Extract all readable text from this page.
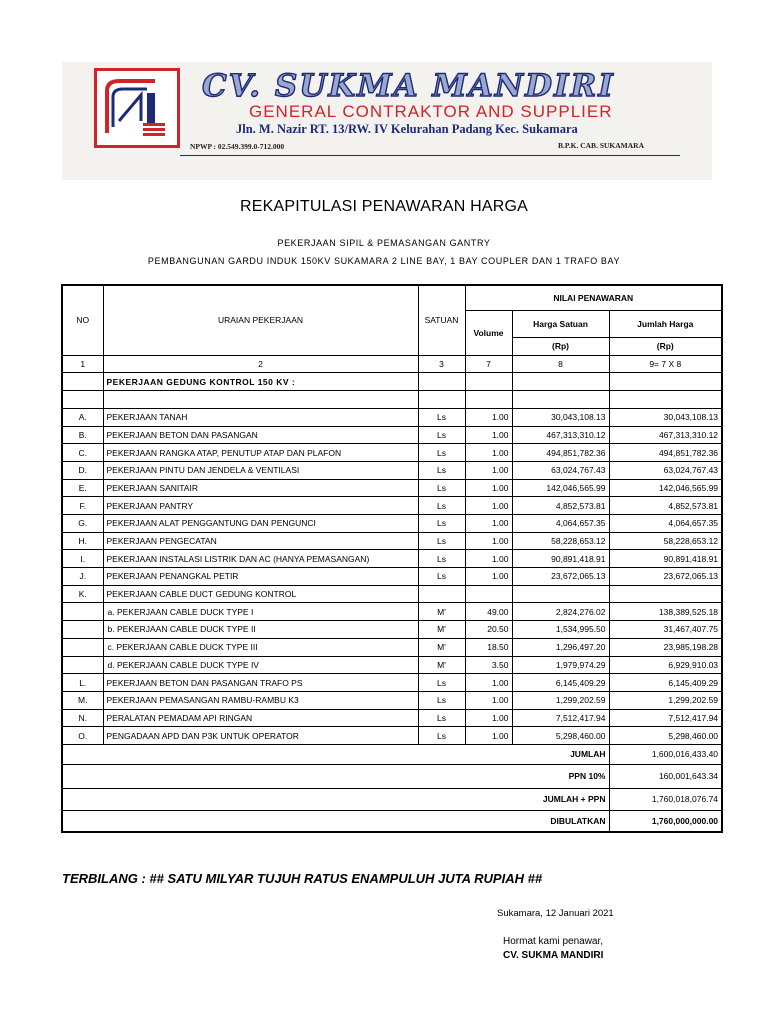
CV. SUKMA MANDIRI
GENERAL CONTRAKTOR AND SUPPLIER
Jln. M. Nazir RT. 13/RW. IV Kelurahan Padang Kec. Sukamara
NPWP : 02.549.399.0-712.000	B.P.K. CAB. SUKAMARA
REKAPITULASI PENAWARAN HARGA
PEKERJAAN SIPIL & PEMASANGAN GANTRY
PEMBANGUNAN GARDU INDUK 150KV SUKAMARA 2 LINE BAY, 1 BAY COUPLER DAN 1 TRAFO BAY
NO	URAIAN PEKERJAAN	SATUAN	NILAI PENAWARAN		
			Volume	Harga Satuan	Jumlah Harga
				(Rp)	(Rp)
1	2	3	7	8	9= 7 X 8
	PEKERJAAN GEDUNG KONTROL 150 KV :				

A.	PEKERJAAN TANAH	Ls	1.00	30,043,108.13	30,043,108.13
B.	PEKERJAAN BETON DAN PASANGAN	Ls	1.00	467,313,310.12	467,313,310.12
C.	PEKERJAAN RANGKA ATAP, PENUTUP ATAP DAN PLAFON	Ls	1.00	494,851,782.36	494,851,782.36
D.	PEKERJAAN PINTU DAN JENDELA & VENTILASI	Ls	1.00	63,024,767.43	63,024,767.43
E.	PEKERJAAN SANITAIR	Ls	1.00	142,046,565.99	142,046,565.99
F.	PEKERJAAN PANTRY	Ls	1.00	4,852,573.81	4,852,573.81
G.	PEKERJAAN ALAT PENGGANTUNG DAN PENGUNCI	Ls	1.00	4,064,657.35	4,064,657.35
H.	PEKERJAAN PENGECATAN	Ls	1.00	58,228,653.12	58,228,653.12
I.	PEKERJAAN INSTALASI LISTRIK DAN AC (HANYA PEMASANGAN)	Ls	1.00	90,891,418.91	90,891,418.91
J.	PEKERJAAN PENANGKAL PETIR	Ls	1.00	23,672,065.13	23,672,065.13
K.	PEKERJAAN CABLE DUCT GEDUNG KONTROL				
	a. PEKERJAAN CABLE DUCK TYPE I	M'	49.00	2,824,276.02	138,389,525.18
	b. PEKERJAAN CABLE DUCK TYPE II	M'	20.50	1,534,995.50	31,467,407.75
	c. PEKERJAAN CABLE DUCK TYPE III	M'	18.50	1,296,497.20	23,985,198.28
	d. PEKERJAAN CABLE DUCK TYPE IV	M'	3.50	1,979,974.29	6,929,910.03
L.	PEKERJAAN BETON DAN PASANGAN TRAFO PS	Ls	1.00	6,145,409.29	6,145,409.29
M.	PEKERJAAN PEMASANGAN RAMBU-RAMBU K3	Ls	1.00	1,299,202.59	1,299,202.59
N.	PERALATAN PEMADAM API RINGAN	Ls	1.00	7,512,417.94	7,512,417.94
O.	PENGADAAN APD DAN P3K UNTUK OPERATOR	Ls	1.00	5,298,460.00	5,298,460.00
JUMLAH					1,600,016,433.40
PPN 10%					160,001,643.34
JUMLAH + PPN					1,760,018,076.74
DIBULATKAN					1,760,000,000.00
TERBILANG : ## SATU MILYAR TUJUH RATUS ENAMPULUH JUTA RUPIAH ##
Sukamara, 12 Januari 2021
Hormat kami penawar,
CV. SUKMA MANDIRI
